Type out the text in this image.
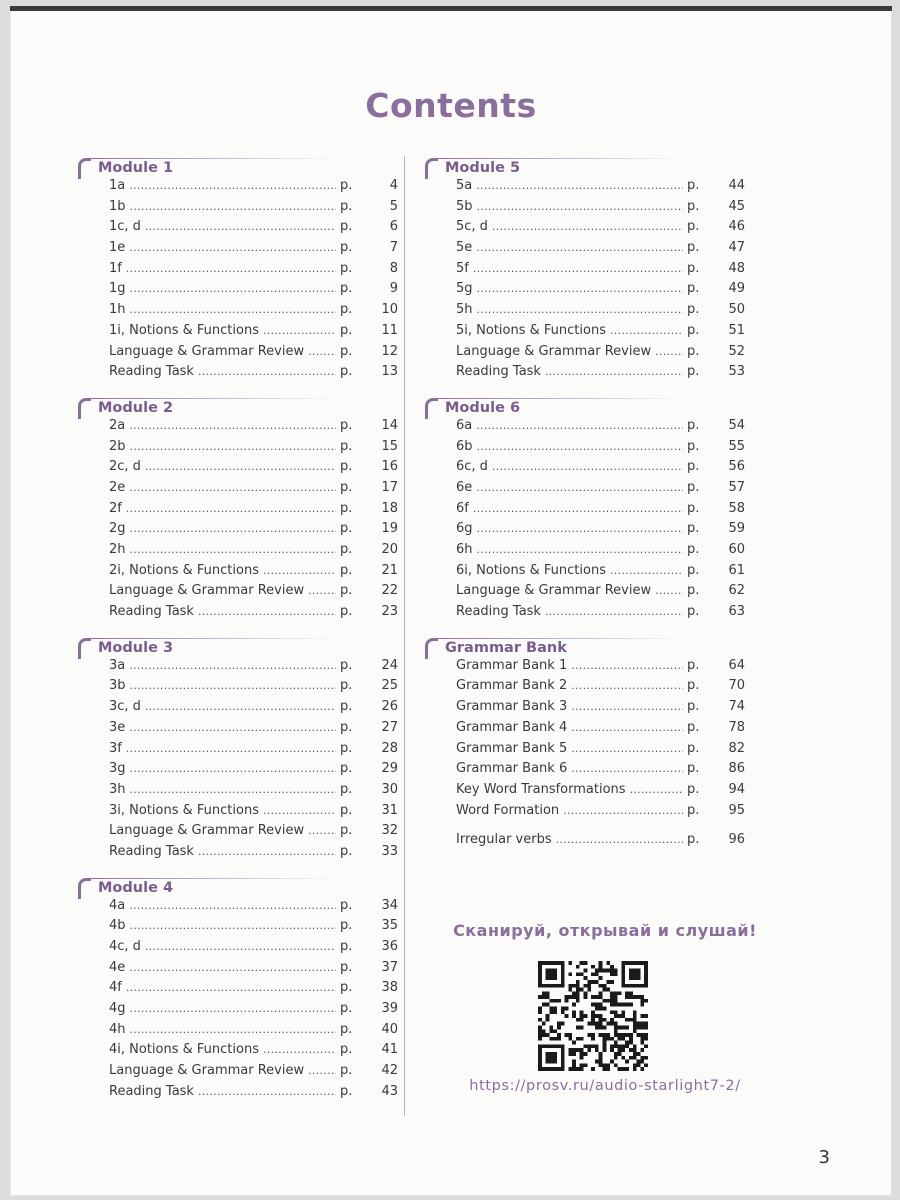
Contents
Module 1
1a .....	p.	4
1b .....	p.	5
1c, d .....	p.	6
1e .....	p.	7
1f .....	p.	8
1g .....	p.	9
1h .....	p.	10
1i, Notions & Functions .....	p.	11
Language & Grammar Review .....	p.	12
Reading Task .....	p.	13
Module 2
2a .....	p.	14
2b .....	p.	15
2c, d .....	p.	16
2e .....	p.	17
2f .....	p.	18
2g .....	p.	19
2h .....	p.	20
2i, Notions & Functions .....	p.	21
Language & Grammar Review .....	p.	22
Reading Task .....	p.	23
Module 3
3a .....	p.	24
3b .....	p.	25
3c, d .....	p.	26
3e .....	p.	27
3f .....	p.	28
3g .....	p.	29
3h .....	p.	30
3i, Notions & Functions .....	p.	31
Language & Grammar Review .....	p.	32
Reading Task .....	p.	33
Module 4
4a .....	p.	34
4b .....	p.	35
4c, d .....	p.	36
4e .....	p.	37
4f .....	p.	38
4g .....	p.	39
4h .....	p.	40
4i, Notions & Functions .....	p.	41
Language & Grammar Review .....	p.	42
Reading Task .....	p.	43
Module 5
5a .....	p.	44
5b .....	p.	45
5c, d .....	p.	46
5e .....	p.	47
5f .....	p.	48
5g .....	p.	49
5h .....	p.	50
5i, Notions & Functions .....	p.	51
Language & Grammar Review .....	p.	52
Reading Task .....	p.	53
Module 6
6a .....	p.	54
6b .....	p.	55
6c, d .....	p.	56
6e .....	p.	57
6f .....	p.	58
6g .....	p.	59
6h .....	p.	60
6i, Notions & Functions .....	p.	61
Language & Grammar Review .....	p.	62
Reading Task .....	p.	63
Grammar Bank
Grammar Bank 1 .....	p.	64
Grammar Bank 2 .....	p.	70
Grammar Bank 3 .....	p.	74
Grammar Bank 4 .....	p.	78
Grammar Bank 5 .....	p.	82
Grammar Bank 6 .....	p.	86
Key Word Transformations .....	p.	94
Word Formation .....	p.	95
Irregular verbs .....	p.	96
Сканируй, открывай и слушай!
https://prosv.ru/audio-starlight7-2/
3
